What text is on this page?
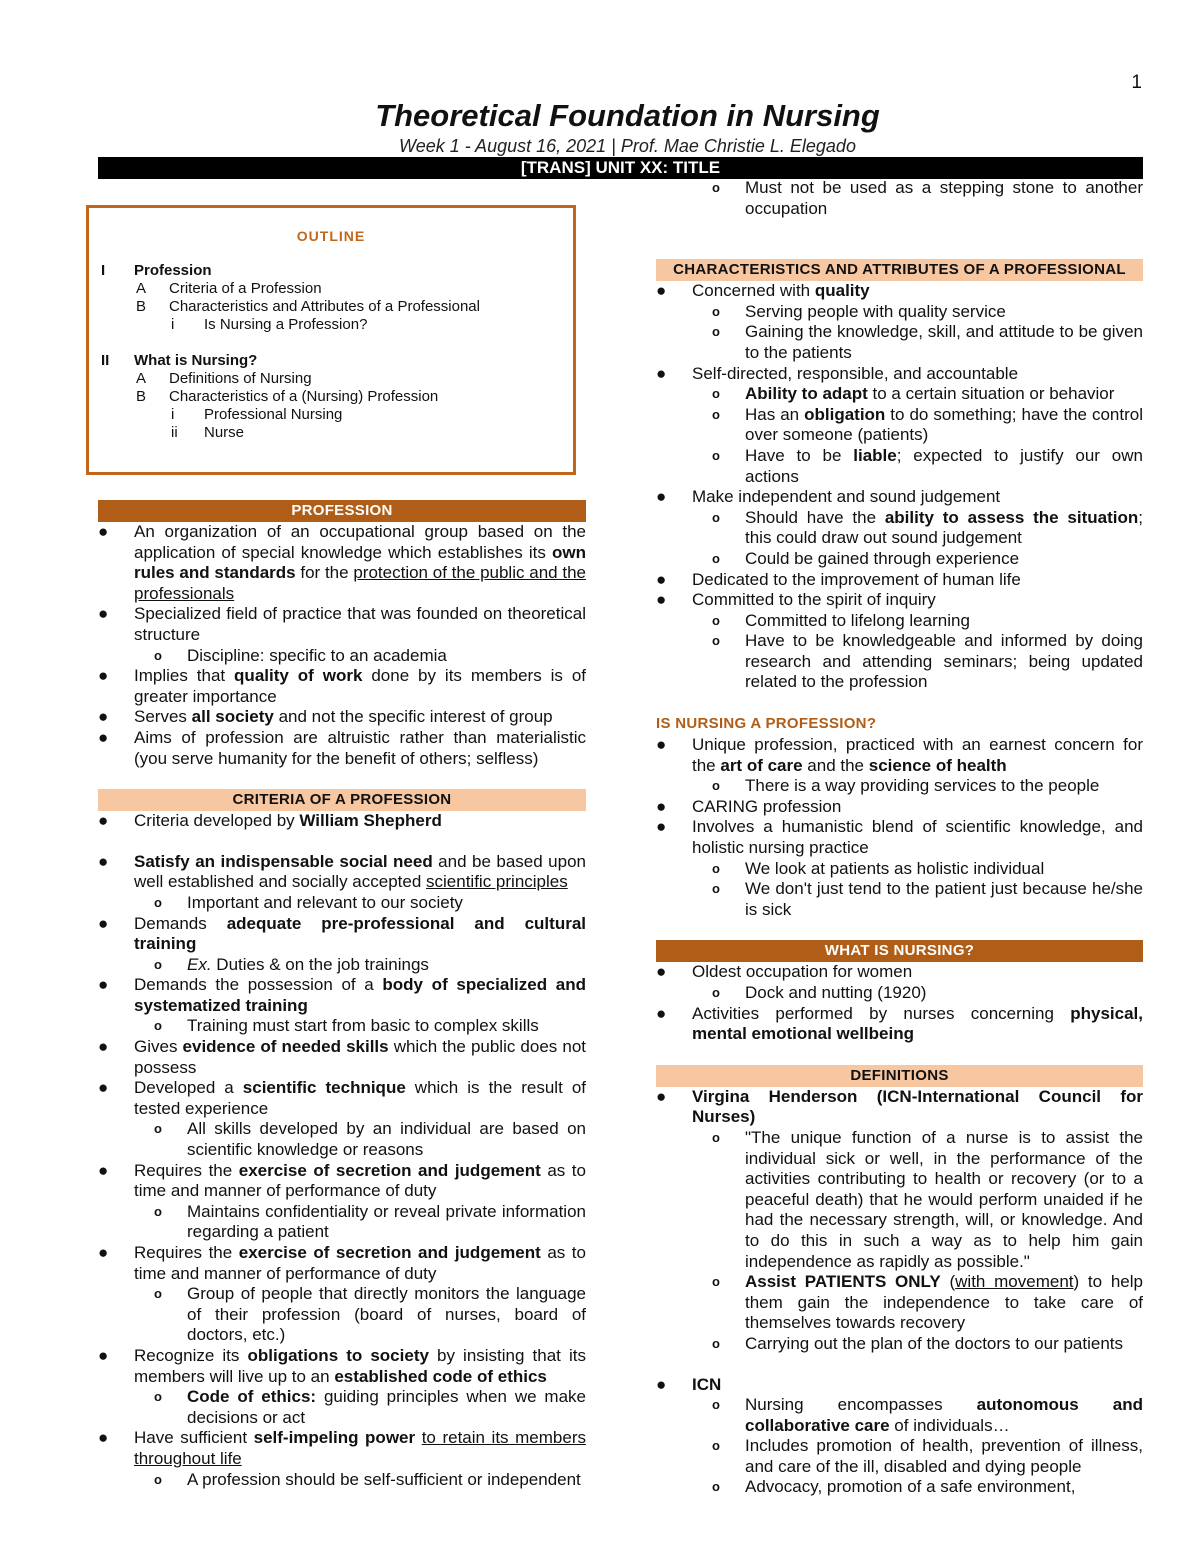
1
Theoretical Foundation in Nursing
Week 1 - August 16, 2021 | Prof. Mae Christie L. Elegado
[TRANS] UNIT XX: TITLE
OUTLINE
I Profession
A Criteria of a Profession
B Characteristics and Attributes of a Professional
i Is Nursing a Profession?
II What is Nursing?
A Definitions of Nursing
B Characteristics of a (Nursing) Profession
i Professional Nursing
ii Nurse
PROFESSION
● An organization of an occupational group based on the application of special knowledge which establishes its own rules and standards for the protection of the public and the professionals
● Specialized field of practice that was founded on theoretical structure
o Discipline: specific to an academia
● Implies that quality of work done by its members is of greater importance
● Serves all society and not the specific interest of group
● Aims of profession are altruistic rather than materialistic (you serve humanity for the benefit of others; selfless)
CRITERIA OF A PROFESSION
● Criteria developed by William Shepherd
● Satisfy an indispensable social need and be based upon well established and socially accepted scientific principles
o Important and relevant to our society
● Demands adequate pre-professional and cultural training
o Ex. Duties & on the job trainings
● Demands the possession of a body of specialized and systematized training
o Training must start from basic to complex skills
● Gives evidence of needed skills which the public does not possess
● Developed a scientific technique which is the result of tested experience
o All skills developed by an individual are based on scientific knowledge or reasons
● Requires the exercise of secretion and judgement as to time and manner of performance of duty
o Maintains confidentiality or reveal private information regarding a patient
● Requires the exercise of secretion and judgement as to time and manner of performance of duty
o Group of people that directly monitors the language of their profession (board of nurses, board of doctors, etc.)
● Recognize its obligations to society by insisting that its members will live up to an established code of ethics
o Code of ethics: guiding principles when we make decisions or act
● Have sufficient self-impeling power to retain its members throughout life
o A profession should be self-sufficient or independent
o Must not be used as a stepping stone to another occupation
CHARACTERISTICS AND ATTRIBUTES OF A PROFESSIONAL
● Concerned with quality
o Serving people with quality service
o Gaining the knowledge, skill, and attitude to be given to the patients
● Self-directed, responsible, and accountable
o Ability to adapt to a certain situation or behavior
o Has an obligation to do something; have the control over someone (patients)
o Have to be liable; expected to justify our own actions
● Make independent and sound judgement
o Should have the ability to assess the situation; this could draw out sound judgement
o Could be gained through experience
● Dedicated to the improvement of human life
● Committed to the spirit of inquiry
o Committed to lifelong learning
o Have to be knowledgeable and informed by doing research and attending seminars; being updated related to the profession
IS NURSING A PROFESSION?
● Unique profession, practiced with an earnest concern for the art of care and the science of health
o There is a way providing services to the people
● CARING profession
● Involves a humanistic blend of scientific knowledge, and holistic nursing practice
o We look at patients as holistic individual
o We don't just tend to the patient just because he/she is sick
WHAT IS NURSING?
● Oldest occupation for women
o Dock and nutting (1920)
● Activities performed by nurses concerning physical, mental emotional wellbeing
DEFINITIONS
● Virgina Henderson (ICN-International Council for Nurses)
o "The unique function of a nurse is to assist the individual sick or well, in the performance of the activities contributing to health or recovery (or to a peaceful death) that he would perform unaided if he had the necessary strength, will, or knowledge. And to do this in such a way as to help him gain independence as rapidly as possible."
o Assist PATIENTS ONLY (with movement) to help them gain the independence to take care of themselves towards recovery
o Carrying out the plan of the doctors to our patients
● ICN
o Nursing encompasses autonomous and collaborative care of individuals…
o Includes promotion of health, prevention of illness, and care of the ill, disabled and dying people
o Advocacy, promotion of a safe environment,
